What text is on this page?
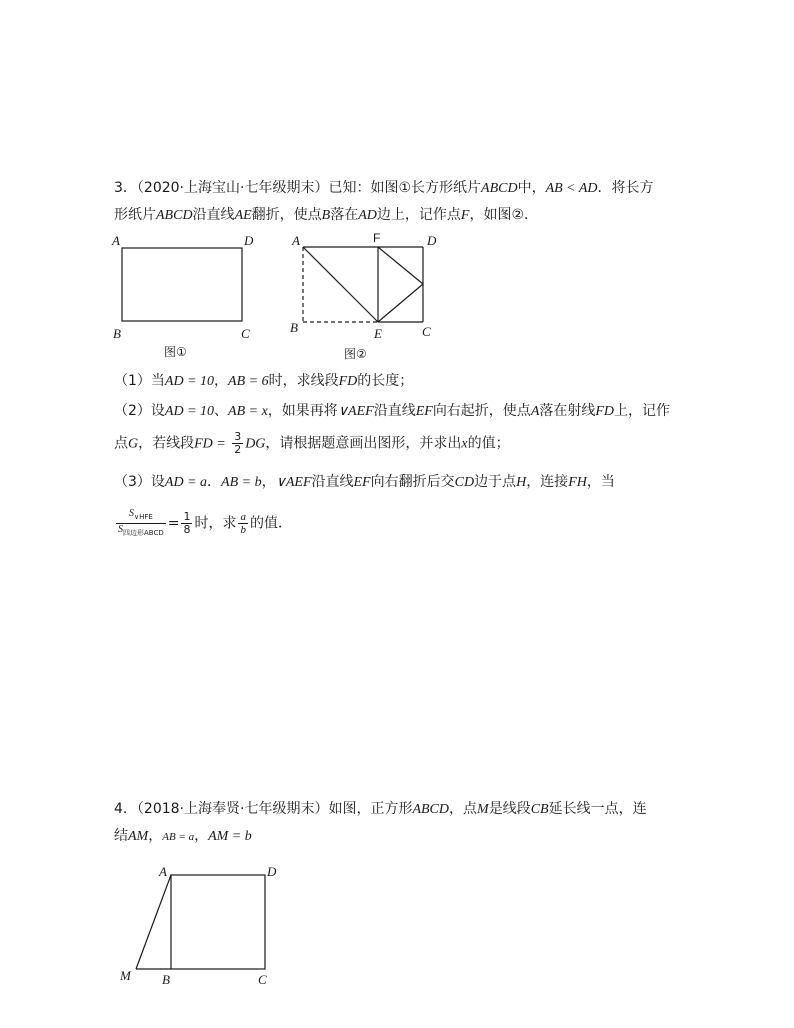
3．（2020·上海宝山·七年级期末）已知：如图①长方形纸片ABCD中，AB < AD．将长方
形纸片ABCD沿直线AE翻折，使点B落在AD边上，记作点F，如图②．
A	D
B	C
图①
A	F	D
B	E	C
图②
（1）当AD = 10，AB = 6时，求线段FD的长度；
（2）设AD = 10、AB = x，如果再将∨AEF沿直线EF向右起折，使点A落在射线FD上，记作
点G，若线段FD = $\frac{3}{2}$ DG，请根据题意画出图形，并求出x的值；
（3）设AD = a．AB = b，∨AEF沿直线EF向右翻折后交CD边于点H，连接FH，当
$\frac{S_{\vee HFE}}{S_{四边形ABCD}} = \frac{1}{8}$ 时，求 $\frac{a}{b}$ 的值．
4．（2018·上海奉贤·七年级期末）如图，正方形ABCD，点M是线段CB延长线一点，连
结AM，AB = a，AM = b
A	D
M B	C
